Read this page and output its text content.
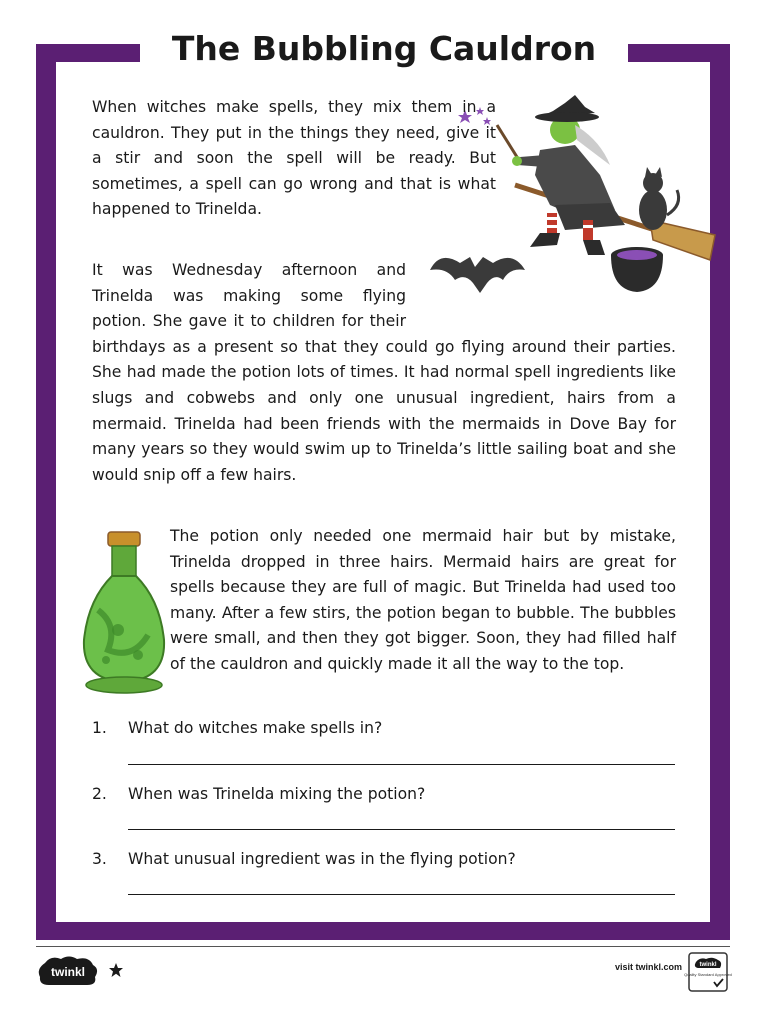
The Bubbling Cauldron

When witches make spells, they mix them in a cauldron. They put in the things they need, give it a stir and soon the spell will be ready. But sometimes, a spell can go wrong and that is what happened to Trinelda.

It was Wednesday afternoon and Trinelda was making some flying potion. She gave it to children for their birthdays as a present so that they could go flying around their parties. She had made the potion lots of times. It had normal spell ingredients like slugs and cobwebs and only one unusual ingredient, hairs from a mermaid. Trinelda had been friends with the mermaids in Dove Bay for many years so they would swim up to Trinelda’s little sailing boat and she would snip off a few hairs.

The potion only needed one mermaid hair but by mistake, Trinelda dropped in three hairs. Mermaid hairs are great for spells because they are full of magic. But Trinelda had used too many. After a few stirs, the potion began to bubble. The bubbles were small, and then they got bigger. Soon, they had filled half of the cauldron and quickly made it all the way to the top.

1. What do witches make spells in?
2. When was Trinelda mixing the potion?
3. What unusual ingredient was in the flying potion?
twinkl	visit twinkl.com	twinkl
Quality Standard Approved
